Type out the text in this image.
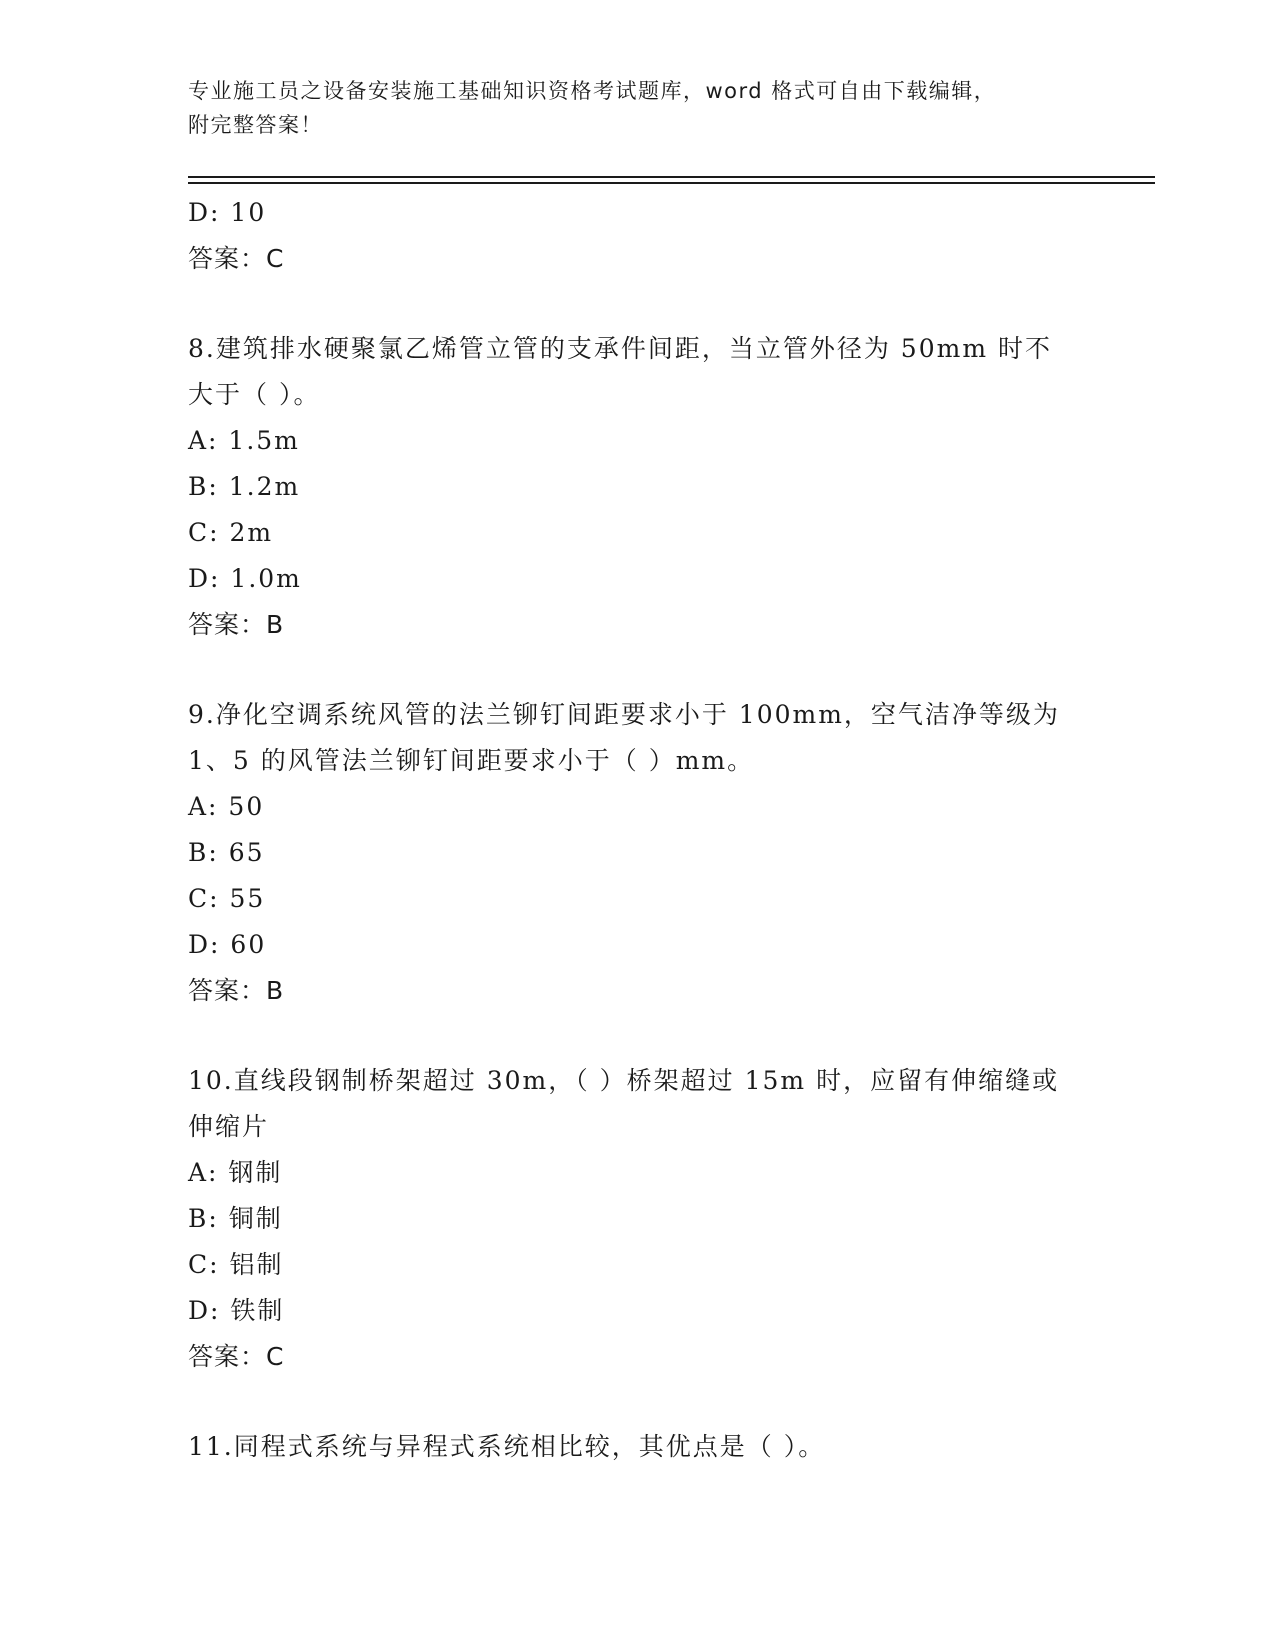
专业施工员之设备安装施工基础知识资格考试题库，word 格式可自由下载编辑，
附完整答案！
D: 10
答案：C
8.建筑排水硬聚氯乙烯管立管的支承件间距，当立管外径为 50mm 时不
大于（ ）。
A: 1.5m
B: 1.2m
C: 2m
D: 1.0m
答案：B
9.净化空调系统风管的法兰铆钉间距要求小于 100mm，空气洁净等级为
1、5 的风管法兰铆钉间距要求小于（ ）mm。
A: 50
B: 65
C: 55
D: 60
答案：B
10.直线段钢制桥架超过 30m，（ ）桥架超过 15m 时，应留有伸缩缝或
伸缩片
A: 钢制
B: 铜制
C: 铝制
D: 铁制
答案：C
11.同程式系统与异程式系统相比较，其优点是（ ）。
